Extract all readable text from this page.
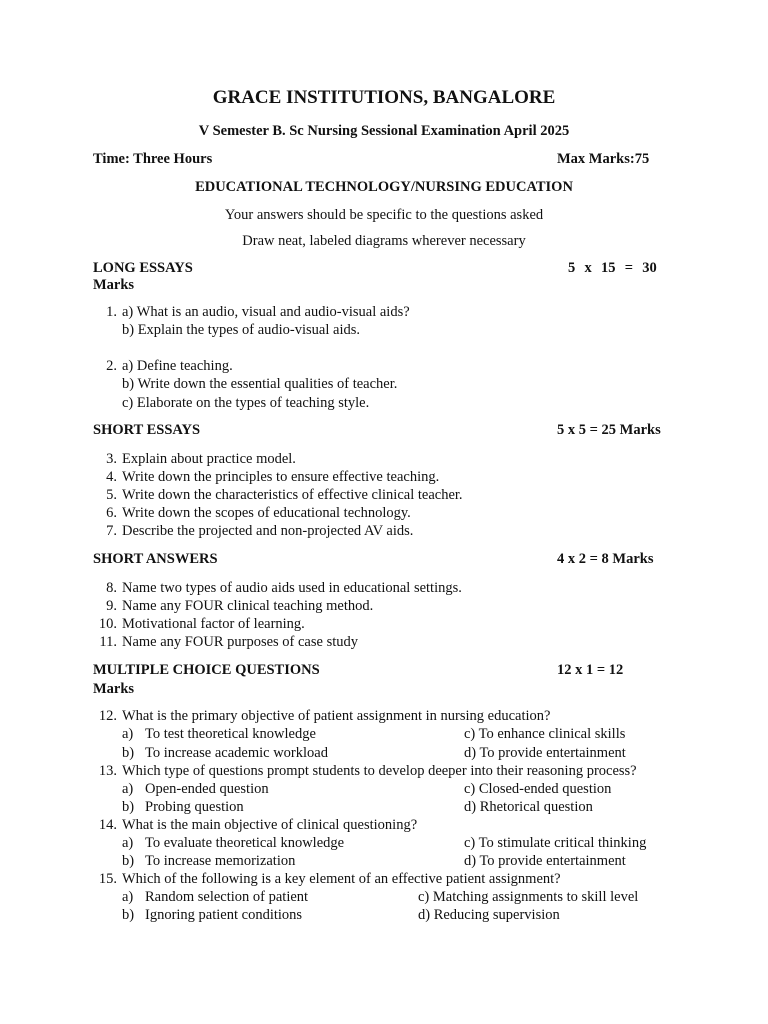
GRACE INSTITUTIONS, BANGALORE
V Semester B. Sc Nursing Sessional Examination April 2025
Time: Three Hours	Max Marks:75
EDUCATIONAL TECHNOLOGY/NURSING EDUCATION
Your answers should be specific to the questions asked
Draw neat, labeled diagrams wherever necessary
LONG ESSAYS	5  x  15  =  30
Marks
1. a) What is an audio, visual and audio-visual aids?
b) Explain the types of audio-visual aids.
2. a) Define teaching.
b) Write down the essential qualities of teacher.
c) Elaborate on the types of teaching style.
SHORT ESSAYS	5 x 5 = 25 Marks
3. Explain about practice model.
4. Write down the principles to ensure effective teaching.
5. Write down the characteristics of effective clinical teacher.
6. Write down the scopes of educational technology.
7. Describe the projected and non-projected AV aids.
SHORT ANSWERS	4 x 2 = 8 Marks
8. Name two types of audio aids used in educational settings.
9. Name any FOUR clinical teaching method.
10. Motivational factor of learning.
11. Name any FOUR purposes of case study
MULTIPLE CHOICE QUESTIONS	12 x 1 = 12
Marks
12. What is the primary objective of patient assignment in nursing education?
a) To test theoretical knowledge	c) To enhance clinical skills
b) To increase academic workload	d) To provide entertainment
13. Which type of questions prompt students to develop deeper into their reasoning process?
a) Open-ended question	c) Closed-ended question
b) Probing question	d) Rhetorical question
14. What is the main objective of clinical questioning?
a) To evaluate theoretical knowledge	c) To stimulate critical thinking
b) To increase memorization	d) To provide entertainment
15. Which of the following is a key element of an effective patient assignment?
a) Random selection of patient	c) Matching assignments to skill level
b) Ignoring patient conditions	d) Reducing supervision
